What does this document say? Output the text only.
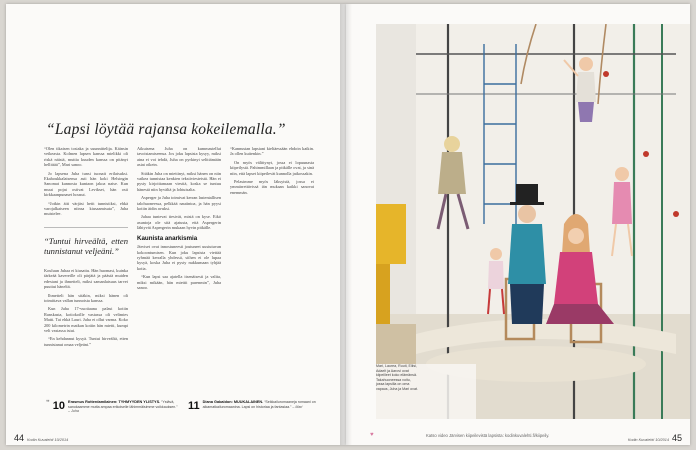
“Lapsi löytää rajansa kokeilemalla.”

“Olen tikaisen tosiaka ja suunnittelija. Käinsin veikeasta. Kolmen lapsen kanssa mielikki oli riskä näistä, muttia kuuden kanssa on pitänyt hellittää”, Mari sanoo.

Jo lapsena Juha tunsi tuonait erilaisuksi. Ekahoukkalaisensa asti hän koki Helsingin Sanomat kannosta kuntaon jakoa naise. Kun muut pojat ostivat Levikset, hän osti kirkkaanpunaset housut.

“Jotkin äiti värjäsi hetit tunnistiksi, ehkä varojalkaiseen niinsa kiusaamisuta”, Juha muistelee.

“Tuntui hirveältä, etten tunnistanut veljeäni.”

Kouluun Juhaa ei kiusattu. Hän huomasi, kuinka tärkeää kavereille oli pärjätä ja päästä muiden edestani ja ihmetteli, miksi samanlaisuus tarvei puuttui häneltä.

Ihmetteli hän sitäkin, miksi hänen oli toimittava vallan tunnoista kanssa.

Kun Juha 17-vuotiaana palasi kotiin Ranskasta, kotiokoille vastassa oli velimies Matti. Tai ehkä Lauri. Juha ei ollut varma. Koko 200 kilometrin matkan kotiin hän mietti, kumpi veli vastassa istui.

“En kehdannut kysyä. Tuntui hirveältä, etten tunnistanut omaa veljeäni.”

Aikuisena Juha on kummastellut tavoistamiseensa. Jos joku lapsista kysyy, miksi aina ei voi tehdä, Juha on pyrkinyt selittämään asiat oikein.

Sitäkin Juha on miettinyt, miksi hänen on niin vaikea tunnistaa kenkien tekstiviesteistä. Hän ei pysty kirjoittamaan viestiä, koska se tuntuu hänestä niin hyvältä ja lohtuisalta.

Asperger ja Juha toimivat kerran lastentallisen talohuoneessa, pelkkää nautintoa, ja hän pyysi kotiin äidin avuksi.

Juhaa tuntevat tiesivät, mistä on kyse. Eikö asuntoja ole sitä ajatusta, että Aspergerin lähtyvät Aspergerin mukaan hyvin pitkälle.

Kaunista anarkismia

Järviset ovat innostuneesti joutuneet uusiutuvan kokoontumisen. Kun joku lapsista viettää ryhmää kerralla yhdessä, siihen ei ole lupaa kysyä, koska Juha ei pysty nukkumaan tyhjää kotia.

“Kun lapsi saa ajatella itsenäisesti ja valita, miksi mikään, hän miettii parenmin”, Juha sanoo.

“Kannustan lapsiani kieltäessään ehdoin kaikin. Ja ollen kuitenkin.”

On myös välittynyt, jossa ei lopuunasta kiipeilystä. Pahimmillaan ja pitkälle ovat, ja sinä niin, että lapset kiipeilevät kunnolla jatkossakin.

Pelasimme myös läksyistä, jossa ei ymmärrettävissä iän mukaan kaikki sanovat enemmän.

❞ 10 Erasmus Rotterdamilainen: TYHMYYDEN YLISTYS. “Ystävä, sanokaamme mutta ampaa erikoiselle lähimmäisimme voikkauksen.” – Juha	11 Diana Gabaldon: MUUKALAINEN. “Seikkailuromaaneja romaani on aikamatkailuromaanina. Lapsi on historiaa ja fantasiaa.” – Mari
44 Kodin Kuvalehti 10/2014
Mari, Laurea, Ruuti, Eliisi, Adaelt ja Aarovi ovat kiipeilleet koko elämänsä. Takahuoneessa voitu, jossa lapsilla on oma vapaus, Juha ja Mari ovat.
♥	Katso video Järvisen kiipeilevistä lapsista: kodinkuvalehti.fi/kiipeily.
Kodin Kuvalehti 10/2014 45
